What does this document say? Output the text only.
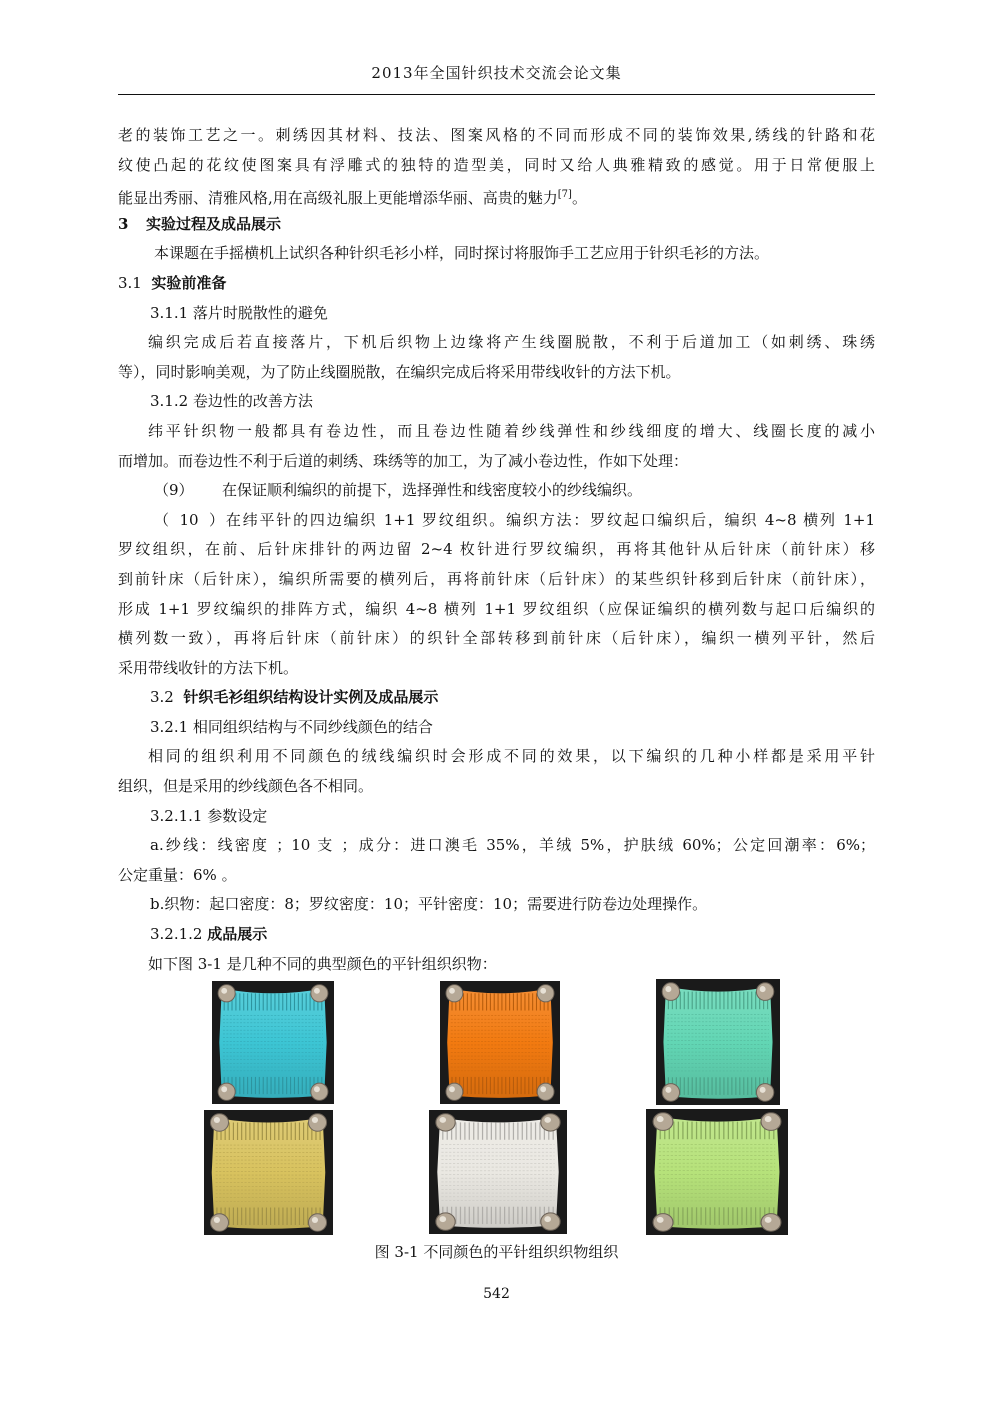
2013年全国针织技术交流会论文集
老的装饰工艺之一。刺绣因其材料、技法、图案风格的不同而形成不同的装饰效果,绣线的针路和花
纹使凸起的花纹使图案具有浮雕式的独特的造型美，同时又给人典雅精致的感觉。用于日常便服上
能显出秀丽、清雅风格,用在高级礼服上更能增添华丽、高贵的魅力[7]。
3 实验过程及成品展示
本课题在手摇横机上试织各种针织毛衫小样，同时探讨将服饰手工艺应用于针织毛衫的方法。
3.1 实验前准备
3.1.1 落片时脱散性的避免
编织完成后若直接落片，下机后织物上边缘将产生线圈脱散，不利于后道加工（如刺绣、珠绣
等），同时影响美观，为了防止线圈脱散，在编织完成后将采用带线收针的方法下机。
3.1.2 卷边性的改善方法
纬平针织物一般都具有卷边性，而且卷边性随着纱线弹性和纱线细度的增大、线圈长度的减小
而增加。而卷边性不利于后道的刺绣、珠绣等的加工，为了减小卷边性，作如下处理：
（9） 在保证顺利编织的前提下，选择弹性和线密度较小的纱线编织。
（10）在纬平针的四边编织 1+1 罗纹组织。编织方法：罗纹起口编织后，编织 4~8 横列 1+1
罗纹组织，在前、后针床排针的两边留 2~4 枚针进行罗纹编织，再将其他针从后针床（前针床）移
到前针床（后针床），编织所需要的横列后，再将前针床（后针床）的某些织针移到后针床（前针床），
形成 1+1 罗纹编织的排阵方式，编织 4~8 横列 1+1 罗纹组织（应保证编织的横列数与起口后编织的
横列数一致），再将后针床（前针床）的织针全部转移到前针床（后针床），编织一横列平针，然后
采用带线收针的方法下机。
3.2 针织毛衫组织结构设计实例及成品展示
3.2.1 相同组织结构与不同纱线颜色的结合
相同的组织利用不同颜色的绒线编织时会形成不同的效果，以下编织的几种小样都是采用平针
组织，但是采用的纱线颜色各不相同。
3.2.1.1 参数设定
a.纱线：线密度 ；10 支 ；成分：进口澳毛 35%，羊绒 5%，护肤绒 60%；公定回潮率：6%；
公定重量：6% 。
b.织物：起口密度：8；罗纹密度：10；平针密度：10；需要进行防卷边处理操作。
3.2.1.2 成品展示
如下图 3-1 是几种不同的典型颜色的平针组织织物：
图 3-1 不同颜色的平针组织织物组织
542
